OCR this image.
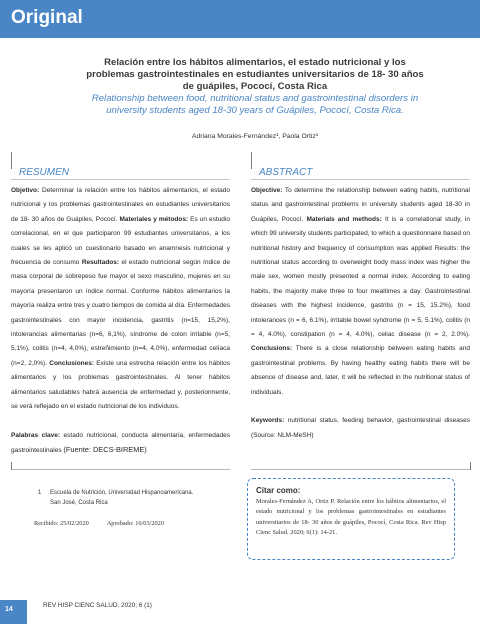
Original
Relación entre los hábitos alimentarios, el estado nutricional y los problemas gastrointestinales en estudiantes universitarios de 18- 30 años de guápiles, Pococí, Costa Rica
Relationship between food, nutritional status and gastrointestinal disorders in university students aged 18-30 years of Guápiles, Pococí, Costa Rica.
Adriana Morales-Fernández¹, Paola Ortiz¹
RESUMEN
Objetivo: Determinar la relación entre los hábitos alimentarios, el estado nutricional y los problemas gastrointestinales en estudiantes universitarios de 18- 30 años de Guápiles, Pococí. Materiales y métodos: Es un estudio correlacional, en el que participaron 99 estudiantes universitarios, a los cuales se les aplicó un cuestionario basado en anamnesis nutricional y frecuencia de consumo Resultados: el estado nutricional según índice de masa corporal de sobrepeso fue mayor el sexo masculino, mujeres en su mayoría presentaron un índice normal. Conforme hábitos alimentarios la mayoría realiza entre tres y cuatro tiempos de comida al día. Enfermedades gastrointestinales con mayor incidencia, gastritis (n=15, 15,2%), intolerancias alimentarias (n=6, 6,1%), síndrome de colon irritable (n=5, 5,1%), colitis (n=4, 4,0%), estreñimiento (n=4, 4,0%), enfermedad celíaca (n=2, 2,0%). Conclusiones: Existe una estrecha relación entre los hábitos alimentarios y los problemas gastrointestinales. Al tener hábitos alimentarios saludables habrá ausencia de enfermedad y, posteriormente, se verá reflejado en el estado nutricional de los individuos.
Palabras clave: estado nutricional, conducta alimentaria, enfermedades gastrointestinales (Fuente: DECS-BIREME)
ABSTRACT
Objective: To determine the relationship between eating habits, nutritional status and gastrointestinal problems in university students aged 18-30 in Guápiles, Pococí. Materials and methods: It is a correlational study, in which 99 university students participated, to which a questionnaire based on nutritional history and frequency of consumption was applied Results: the nutritional status according to overweight body mass index was higher the male sex, women mostly presented a normal index. According to eating habits, the majority make three to four mealtimes a day. Gastrointestinal diseases with the highest incidence, gastritis (n = 15, 15.2%), food intolerances (n = 6, 6.1%), irritable bowel syndrome (n = 5, 5.1%), colitis (n = 4, 4.0%), constipation (n = 4, 4.0%), celiac disease (n = 2, 2.0%). Conclusions: There is a close relationship between eating habits and gastrointestinal problems. By having healthy eating habits there will be absence of disease and, later, it will be reflected in the nutritional status of individuals.
Keywords: nutritional status, feeding behavior, gastrointestinal diseases (Source: NLM-MeSH)
1 Escuela de Nutrición, Universidad Hispanoamericana. San José, Costa Rica
Recibido: 25/02/2020	Aprobado: 16/03/2020
Citar como:
Morales-Fernández A, Ortiz P. Relación entre los hábitos alimentarios, el estado nutricional y los problemas gastrointestinales en estudiantes universitarios de 18- 30 años de guápiles, Pococí, Costa Rica. Rev Hisp Cienc Salud. 2020; 6(1): 14-21.
14
REV HISP CIENC SALUD. 2020; 6 (1)
